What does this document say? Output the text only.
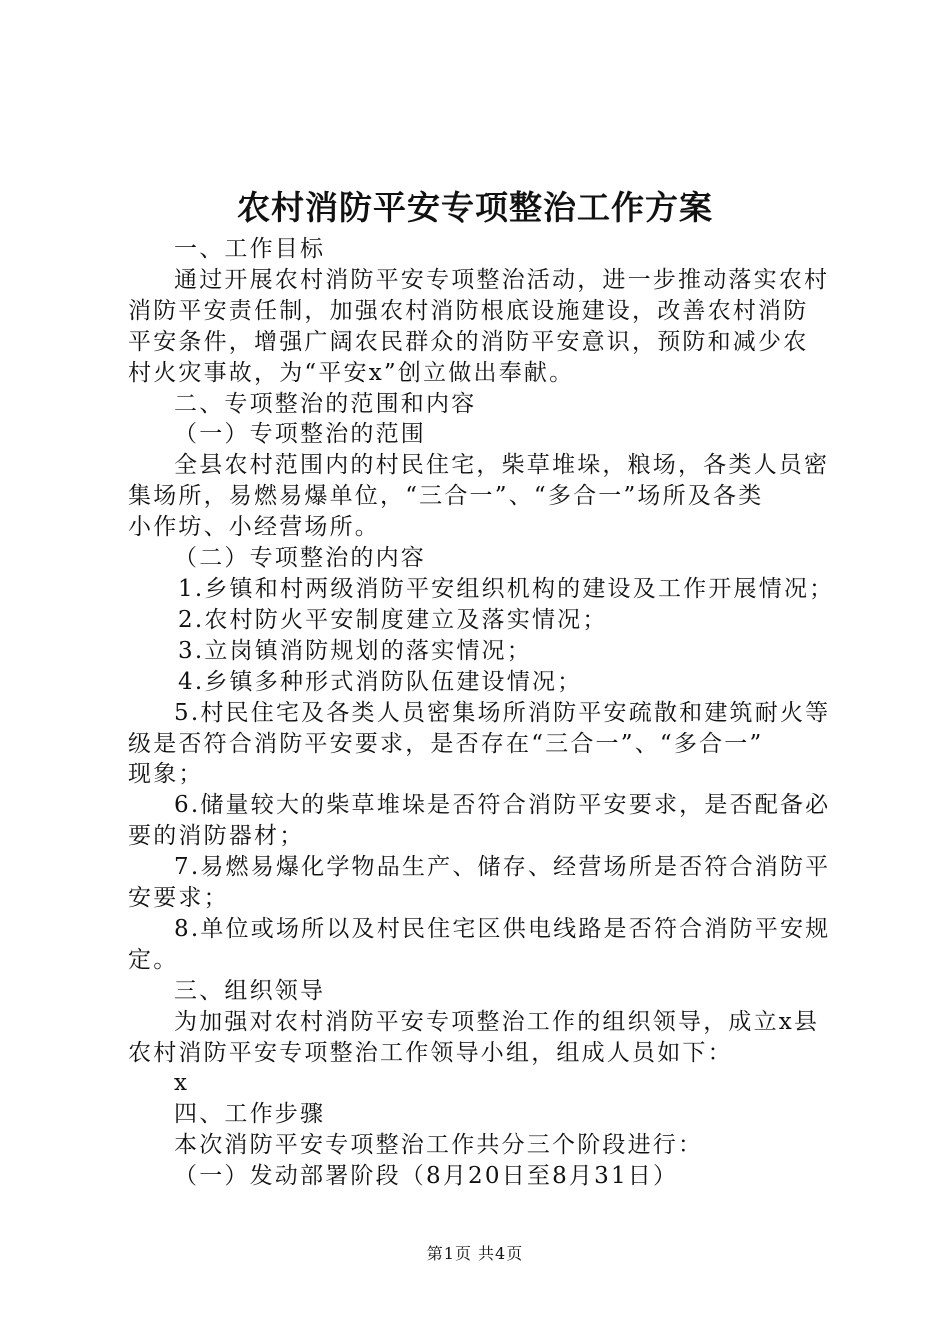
农村消防平安专项整治工作方案
一、工作目标
通过开展农村消防平安专项整治活动，进一步推动落实农村
消防平安责任制，加强农村消防根底设施建设，改善农村消防
平安条件，增强广阔农民群众的消防平安意识，预防和减少农
村火灾事故，为“平安x”创立做出奉献。
二、专项整治的范围和内容
（一）专项整治的范围
全县农村范围内的村民住宅，柴草堆垛，粮场，各类人员密
集场所，易燃易爆单位，“三合一”、“多合一”场所及各类
小作坊、小经营场所。
（二）专项整治的内容
1.乡镇和村两级消防平安组织机构的建设及工作开展情况；
2.农村防火平安制度建立及落实情况；
3.立岗镇消防规划的落实情况；
4.乡镇多种形式消防队伍建设情况；
5.村民住宅及各类人员密集场所消防平安疏散和建筑耐火等
级是否符合消防平安要求，是否存在“三合一”、“多合一”
现象；
6.储量较大的柴草堆垛是否符合消防平安要求，是否配备必
要的消防器材；
7.易燃易爆化学物品生产、储存、经营场所是否符合消防平
安要求；
8.单位或场所以及村民住宅区供电线路是否符合消防平安规
定。
三、组织领导
为加强对农村消防平安专项整治工作的组织领导，成立x县
农村消防平安专项整治工作领导小组，组成人员如下：
x
四、工作步骤
本次消防平安专项整治工作共分三个阶段进行：
（一）发动部署阶段（8月20日至8月31日）
第1页 共4页
